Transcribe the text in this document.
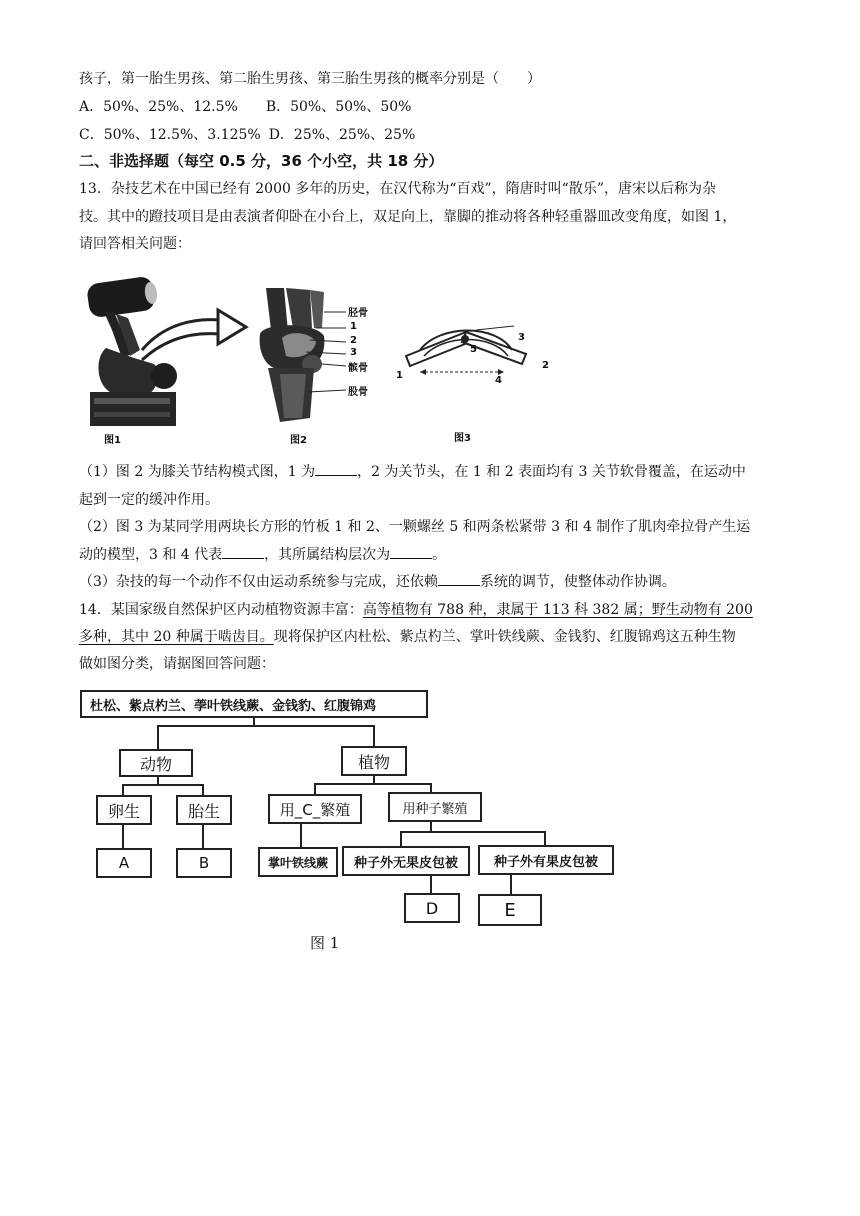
孩子，第一胎生男孩、第二胎生男孩、第三胎生男孩的概率分别是（　　）
A．50%、25%、12.5% B．50%、50%、50%
C．50%、12.5%、3.125% D．25%、25%、25%
二、非选择题（每空 0.5 分，36 个小空，共 18 分）
13．杂技艺术在中国已经有 2000 多年的历史，在汉代称为“百戏”，隋唐时叫“散乐”，唐宋以后称为杂
技。其中的蹬技项目是由表演者仰卧在小台上，双足向上，靠脚的推动将各种轻重器皿改变角度，如图 1，
请回答相关问题：
图1	图2	图3
胫骨
1
2
3
髌骨
股骨
1
2
3
4
5
（1）图 2 为膝关节结构模式图，1 为	，2 为关节头，在 1 和 2 表面均有 3 关节软骨覆盖，在运动中
起到一定的缓冲作用。
（2）图 3 为某同学用两块长方形的竹板 1 和 2、一颗螺丝 5 和两条松紧带 3 和 4 制作了肌肉牵拉骨产生运
动的模型，3 和 4 代表	，其所属结构层次为	。
（3）杂技的每一个动作不仅由运动系统参与完成，还依赖	系统的调节，使整体动作协调。
14．某国家级自然保护区内动植物资源丰富：高等植物有 788 种，隶属于 113 科 382 属；野生动物有 200
多种，其中 20 种属于啮齿目。现将保护区内杜松、紫点杓兰、掌叶铁线蕨、金钱豹、红腹锦鸡这五种生物
做如图分类，请据图回答问题：
杜松、紫点杓兰、荸叶铁线蕨、金钱豹、红腹锦鸡
动物	植物
卵生	胎生	用_C_繁殖	用种子繁殖
A	B	掌叶铁线蕨 种子外无果皮包被	种子外有果皮包被
D	E
图 1
